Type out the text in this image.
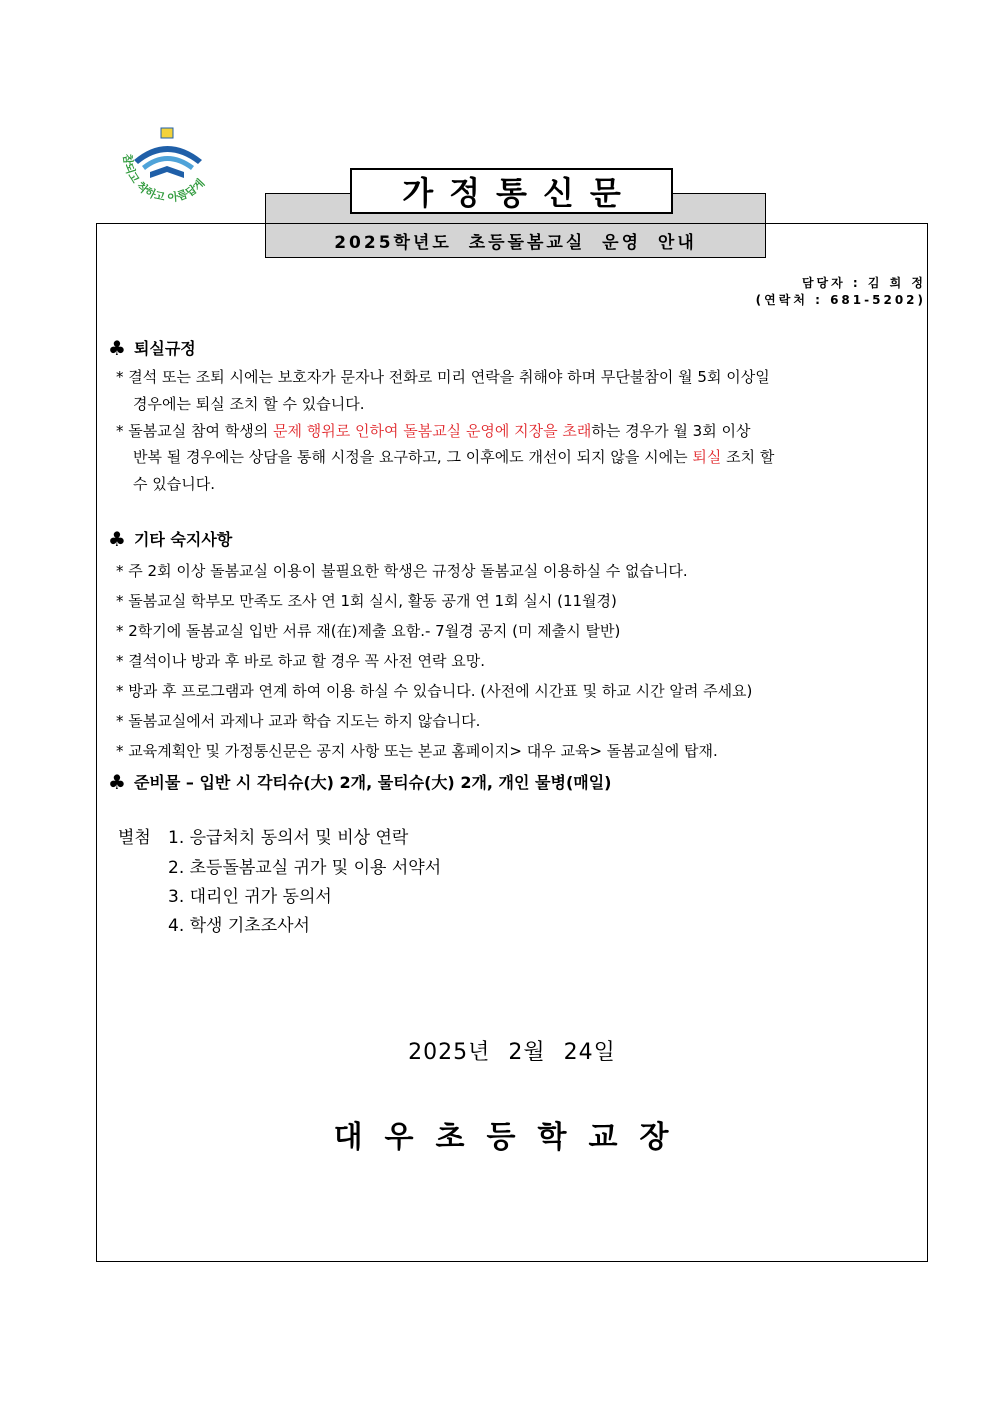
참되고 착하고 아름답게	가정통신문
2025학년도 초등돌봄교실 운영 안내
담당자 : 김 희 정
(연락처 : 681-5202)
♣ 퇴실규정
* 결석 또는 조퇴 시에는 보호자가 문자나 전화로 미리 연락을 취해야 하며 무단불참이 월 5회 이상일
경우에는 퇴실 조치 할 수 있습니다.
* 돌봄교실 참여 학생의 문제 행위로 인하여 돌봄교실 운영에 지장을 초래하는 경우가 월 3회 이상
반복 될 경우에는 상담을 통해 시정을 요구하고, 그 이후에도 개선이 되지 않을 시에는 퇴실 조치 할
수 있습니다.
♣ 기타 숙지사항
* 주 2회 이상 돌봄교실 이용이 불필요한 학생은 규정상 돌봄교실 이용하실 수 없습니다.
* 돌봄교실 학부모 만족도 조사 연 1회 실시, 활동 공개 연 1회 실시 (11월경)
* 2학기에 돌봄교실 입반 서류 재(在)제출 요함.- 7월경 공지 (미 제출시 탈반)
* 결석이나 방과 후 바로 하교 할 경우 꼭 사전 연락 요망.
* 방과 후 프로그램과 연계 하여 이용 하실 수 있습니다. (사전에 시간표 및 하교 시간 알려 주세요)
* 돌봄교실에서 과제나 교과 학습 지도는 하지 않습니다.
* 교육계획안 및 가정통신문은 공지 사항 또는 본교 홈페이지> 대우 교육> 돌봄교실에 탑재.
♣ 준비물 – 입반 시 각티슈(大) 2개, 물티슈(大) 2개, 개인 물병(매일)
별첨 1. 응급처치 동의서 및 비상 연락
2. 초등돌봄교실 귀가 및 이용 서약서
3. 대리인 귀가 동의서
4. 학생 기초조사서
2025년 2월 24일
대우초등학교장
